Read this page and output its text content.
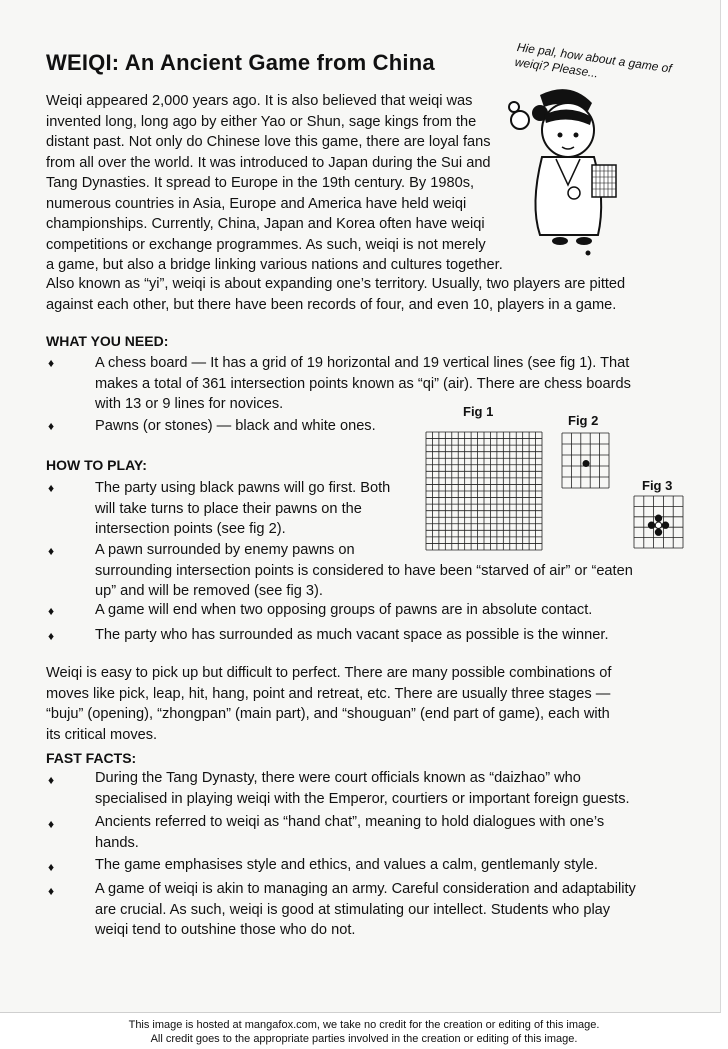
WEIQI: An Ancient Game from China	Hie pal, how about a game of weiqi? Please...
Weiqi appeared 2,000 years ago. It is also believed that weiqi was
invented long, long ago by either Yao or Shun, sage kings from the
distant past. Not only do Chinese love this game, there are loyal fans
from all over the world. It was introduced to Japan during the Sui and
Tang Dynasties. It spread to Europe in the 19th century. By 1980s,
numerous countries in Asia, Europe and America have held weiqi
championships. Currently, China, Japan and Korea often have weiqi
competitions or exchange programmes. As such, weiqi is not merely
a game, but also a bridge linking various nations and cultures together.
Also known as “yi”, weiqi is about expanding one’s territory. Usually, two players are pitted
against each other, but there have been records of four, and even 10, players in a game.
WHAT YOU NEED:
♦	A chess board — It has a grid of 19 horizontal and 19 vertical lines (see fig 1). That
makes a total of 361 intersection points known as “qi” (air). There are chess boards
with 13 or 9 lines for novices.
♦	Pawns (or stones) — black and white ones.
HOW TO PLAY:
♦	The party using black pawns will go first. Both
will take turns to place their pawns on the
intersection points (see fig 2).
♦	A pawn surrounded by enemy pawns on
surrounding intersection points is considered to have been “starved of air” or “eaten
up” and will be removed (see fig 3).
♦	A game will end when two opposing groups of pawns are in absolute contact.
♦	The party who has surrounded as much vacant space as possible is the winner.
Fig 1
Fig 2
Fig 3
Weiqi is easy to pick up but difficult to perfect. There are many possible combinations of
moves like pick, leap, hit, hang, point and retreat, etc. There are usually three stages —
“buju” (opening), “zhongpan” (main part), and “shouguan” (end part of game), each with
its critical moves.
FAST FACTS:
♦	During the Tang Dynasty, there were court officials known as “daizhao” who
specialised in playing weiqi with the Emperor, courtiers or important foreign guests.
♦	Ancients referred to weiqi as “hand chat”, meaning to hold dialogues with one’s
hands.
♦	The game emphasises style and ethics, and values a calm, gentlemanly style.
♦	A game of weiqi is akin to managing an army. Careful consideration and adaptability
are crucial. As such, weiqi is good at stimulating our intellect. Students who play
weiqi tend to outshine those who do not.
This image is hosted at mangafox.com, we take no credit for the creation or editing of this image.
All credit goes to the appropriate parties involved in the creation or editing of this image.
